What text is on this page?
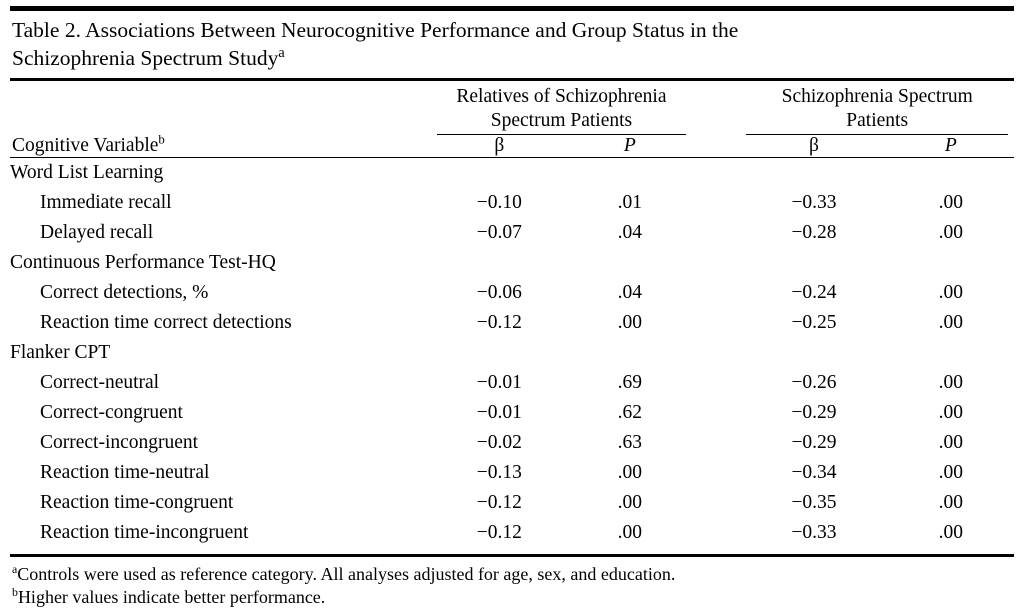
Table 2. Associations Between Neurocognitive Performance and Group Status in the
Schizophrenia Spectrum Study$^a$

	Relatives of Schizophrenia
Spectrum Patients			Schizophrenia Spectrum
Patients	

Cognitive Variable$^b$	β	P		β	P
Word List Learning					
Immediate recall	−0.10	.01		−0.33	.00
Delayed recall	−0.07	.04		−0.28	.00
Continuous Performance Test-HQ					
Correct detections, %	−0.06	.04		−0.24	.00
Reaction time correct detections	−0.12	.00		−0.25	.00
Flanker CPT					
Correct-neutral	−0.01	.69		−0.26	.00
Correct-congruent	−0.01	.62		−0.29	.00
Correct-incongruent	−0.02	.63		−0.29	.00
Reaction time-neutral	−0.13	.00		−0.34	.00
Reaction time-congruent	−0.12	.00		−0.35	.00
Reaction time-incongruent	−0.12	.00		−0.33	.00
$^a$Controls were used as reference category. All analyses adjusted for age, sex, and education.
$^b$Higher values indicate better performance.
